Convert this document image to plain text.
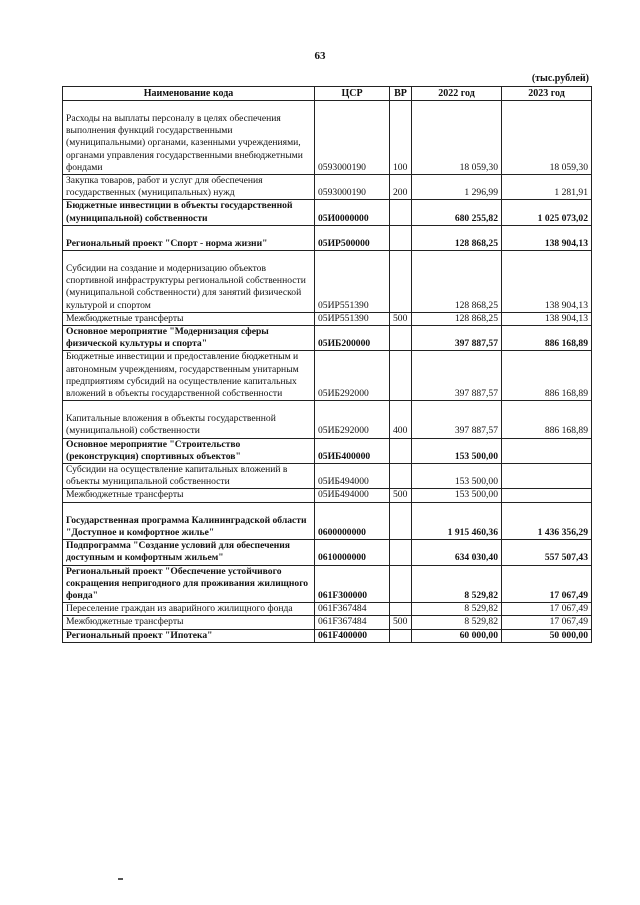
63
(тыс.рублей)
Наименование кода	ЦСР	ВР	2022 год	2023 год
Расходы на выплаты персоналу в целях обеспечения выполнения функций государственными (муниципальными) органами, казенными учреждениями, органами управления государственными внебюджетными фондами	0593000190	100	18 059,30	18 059,30
Закупка товаров, работ и услуг для обеспечения государственных (муниципальных) нужд	0593000190	200	1 296,99	1 281,91
Бюджетные инвестиции в объекты государственной (муниципальной) собственности	05И0000000		680 255,82	1 025 073,02
Региональный проект "Спорт - норма жизни"	05ИР500000		128 868,25	138 904,13
Субсидии на создание и модернизацию объектов спортивной инфраструктуры региональной собственности (муниципальной собственности) для занятий физической культурой и спортом	05ИР551390		128 868,25	138 904,13
Межбюджетные трансферты	05ИР551390	500	128 868,25	138 904,13
Основное мероприятие "Модернизация сферы физической культуры и спорта"	05ИБ200000		397 887,57	886 168,89
Бюджетные инвестиции и предоставление бюджетным и автономным учреждениям, государственным унитарным предприятиям субсидий на осуществление капитальных вложений в объекты государственной собственности	05ИБ292000		397 887,57	886 168,89
Капитальные вложения в объекты государственной (муниципальной) собственности	05ИБ292000	400	397 887,57	886 168,89
Основное мероприятие "Строительство (реконструкция) спортивных объектов"	05ИБ400000		153 500,00	
Субсидии на осуществление капитальных вложений в объекты муниципальной собственности	05ИБ494000		153 500,00	
Межбюджетные трансферты	05ИБ494000	500	153 500,00	
Государственная программа Калининградской области "Доступное и комфортное жилье"	0600000000		1 915 460,36	1 436 356,29
Подпрограмма "Создание условий для обеспечения доступным и комфортным жильем"	0610000000		634 030,40	557 507,43
Региональный проект "Обеспечение устойчивого сокращения непригодного для проживания жилищного фонда"	061F300000		8 529,82	17 067,49
Переселение граждан из аварийного жилищного фонда	061F367484		8 529,82	17 067,49
Межбюджетные трансферты	061F367484	500	8 529,82	17 067,49
Региональный проект "Ипотека"	061F400000		60 000,00	50 000,00
